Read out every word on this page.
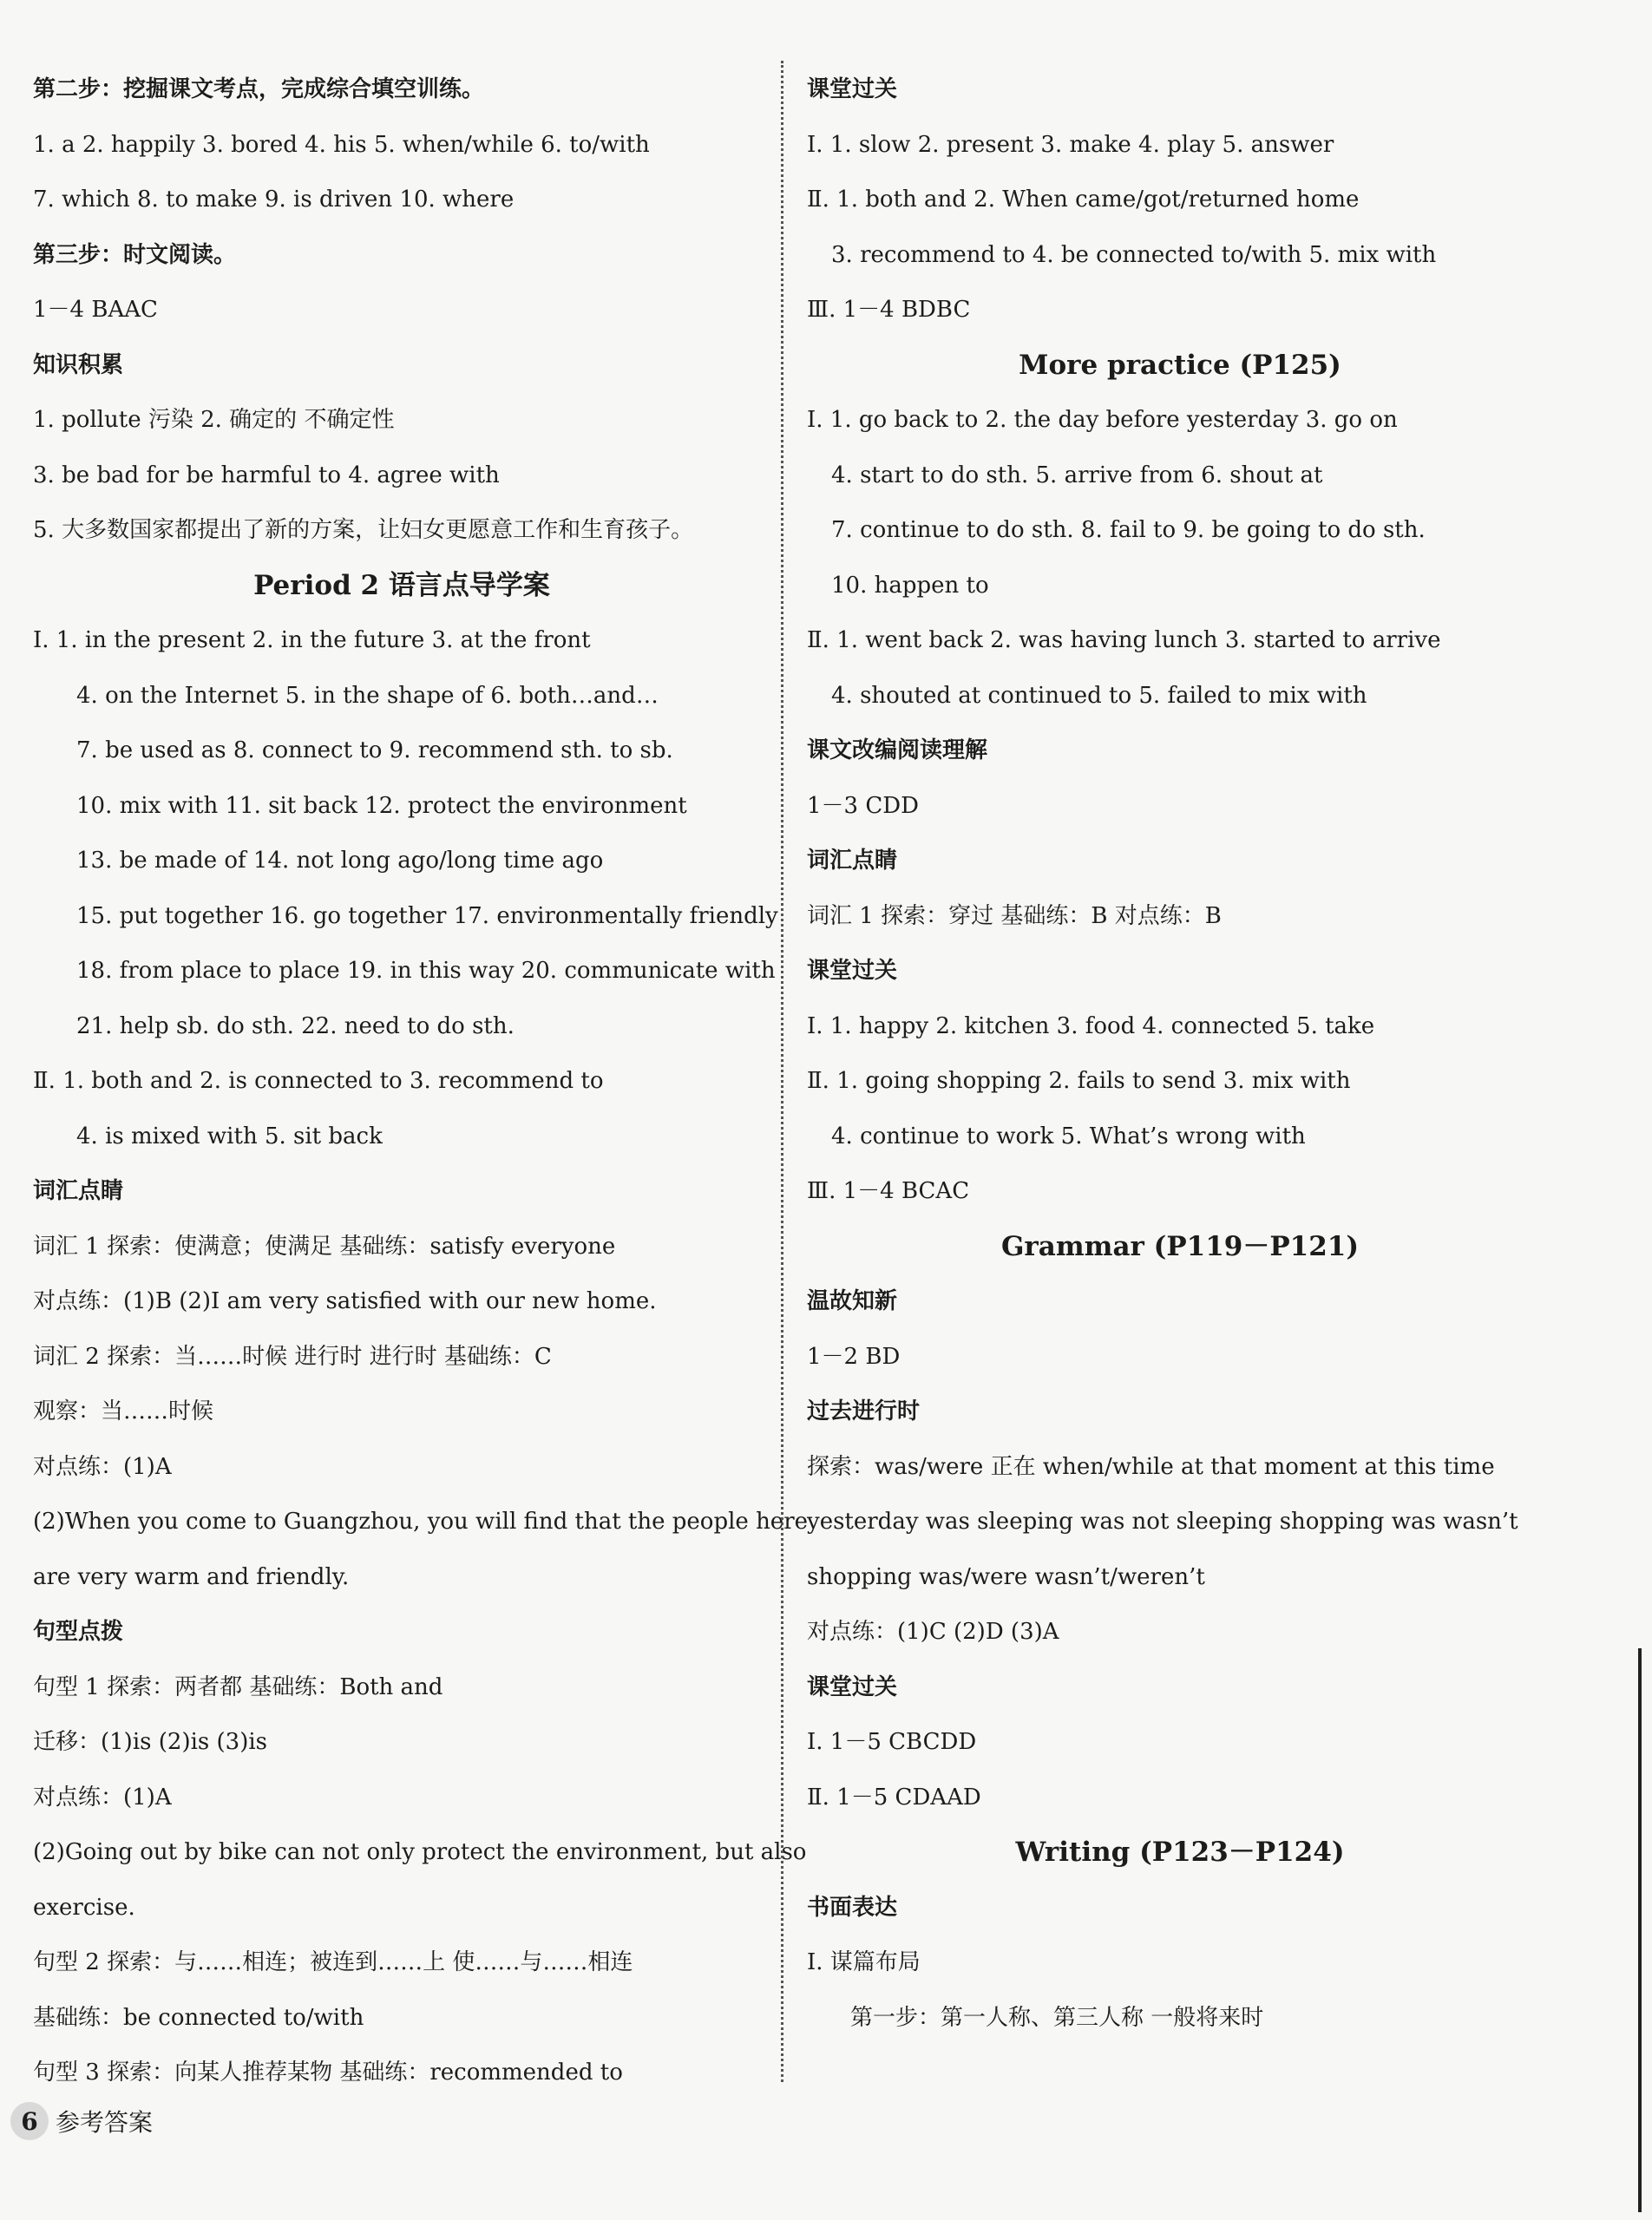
第二步：挖掘课文考点，完成综合填空训练。
1. a 2. happily 3. bored 4. his 5. when/while 6. to/with
7. which 8. to make 9. is driven 10. where
第三步：时文阅读。
1－4 BAAC
知识积累
1. pollute 污染 2. 确定的 不确定性
3. be bad for be harmful to 4. agree with
5. 大多数国家都提出了新的方案，让妇女更愿意工作和生育孩子。
Period 2 语言点导学案
Ⅰ. 1. in the present 2. in the future 3. at the front
4. on the Internet 5. in the shape of 6. both…and…
7. be used as 8. connect to 9. recommend sth. to sb.
10. mix with 11. sit back 12. protect the environment
13. be made of 14. not long ago/long time ago
15. put together 16. go together 17. environmentally friendly
18. from place to place 19. in this way 20. communicate with
21. help sb. do sth. 22. need to do sth.
Ⅱ. 1. both and 2. is connected to 3. recommend to
4. is mixed with 5. sit back
词汇点睛
词汇 1 探索：使满意；使满足 基础练：satisfy everyone
对点练：(1)B (2)I am very satisfied with our new home.
词汇 2 探索：当……时候 进行时 进行时 基础练：C
观察：当……时候
对点练：(1)A
(2)When you come to Guangzhou, you will find that the people here
are very warm and friendly.
句型点拨
句型 1 探索：两者都 基础练：Both and
迁移：(1)is (2)is (3)is
对点练：(1)A
(2)Going out by bike can not only protect the environment, but also
exercise.
句型 2 探索：与……相连；被连到……上 使……与……相连
基础练：be connected to/with
句型 3 探索：向某人推荐某物 基础练：recommended to
课堂过关
Ⅰ. 1. slow 2. present 3. make 4. play 5. answer
Ⅱ. 1. both and 2. When came/got/returned home
3. recommend to 4. be connected to/with 5. mix with
Ⅲ. 1－4 BDBC
More practice (P125)
Ⅰ. 1. go back to 2. the day before yesterday 3. go on
4. start to do sth. 5. arrive from 6. shout at
7. continue to do sth. 8. fail to 9. be going to do sth.
10. happen to
Ⅱ. 1. went back 2. was having lunch 3. started to arrive
4. shouted at continued to 5. failed to mix with
课文改编阅读理解
1－3 CDD
词汇点睛
词汇 1 探索：穿过 基础练：B 对点练：B
课堂过关
Ⅰ. 1. happy 2. kitchen 3. food 4. connected 5. take
Ⅱ. 1. going shopping 2. fails to send 3. mix with
4. continue to work 5. What’s wrong with
Ⅲ. 1－4 BCAC
Grammar (P119－P121)
温故知新
1－2 BD
过去进行时
探索：was/were 正在 when/while at that moment at this time
yesterday was sleeping was not sleeping shopping was wasn’t
shopping was/were wasn’t/weren’t
对点练：(1)C (2)D (3)A
课堂过关
Ⅰ. 1－5 CBCDD
Ⅱ. 1－5 CDAAD
Writing (P123－P124)
书面表达
Ⅰ. 谋篇布局
第一步：第一人称、第三人称 一般将来时
6 参考答案
